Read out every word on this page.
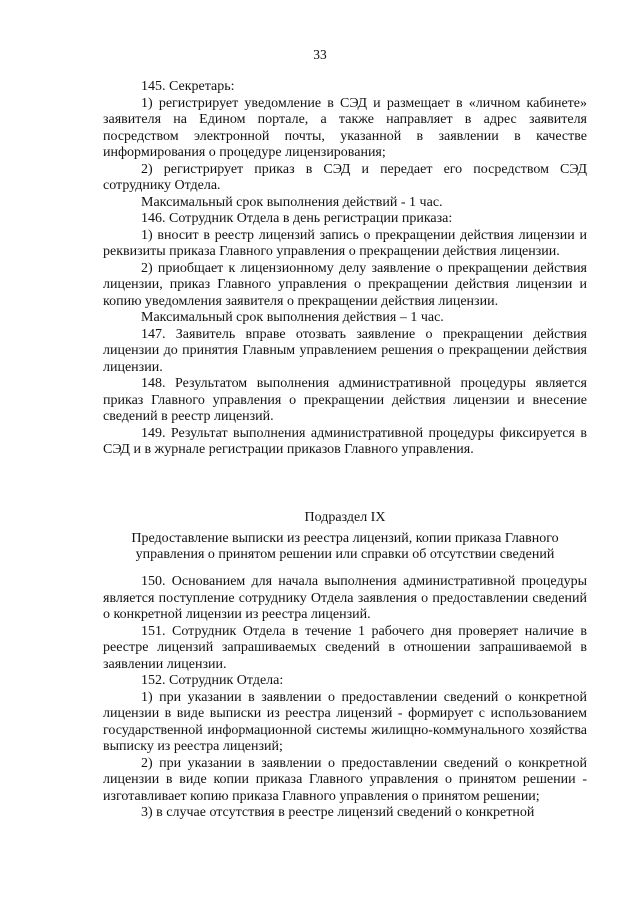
33

145. Секретарь:

1) регистрирует уведомление в СЭД и размещает в «личном кабинете» заявителя на Едином портале, а также направляет в адрес заявителя посредством электронной почты, указанной в заявлении в качестве информирования о процедуре лицензирования;

2) регистрирует приказ в СЭД и передает его посредством СЭД сотруднику Отдела.

Максимальный срок выполнения действий - 1 час.

146. Сотрудник Отдела в день регистрации приказа:

1) вносит в реестр лицензий запись о прекращении действия лицензии и реквизиты приказа Главного управления о прекращении действия лицензии.

2) приобщает к лицензионному делу заявление о прекращении действия лицензии, приказ Главного управления о прекращении действия лицензии и копию уведомления заявителя о прекращении действия лицензии.

Максимальный срок выполнения действия – 1 час.

147. Заявитель вправе отозвать заявление о прекращении действия лицензии до принятия Главным управлением решения о прекращении действия лицензии.

148. Результатом выполнения административной процедуры является приказ Главного управления о прекращении действия лицензии и внесение сведений в реестр лицензий.

149. Результат выполнения административной процедуры фиксируется в СЭД и в журнале регистрации приказов Главного управления.

Подраздел IX

Предоставление выписки из реестра лицензий, копии приказа Главного управления о принятом решении или справки об отсутствии сведений

150. Основанием для начала выполнения административной процедуры является поступление сотруднику Отдела заявления о предоставлении сведений о конкретной лицензии из реестра лицензий.

151. Сотрудник Отдела в течение 1 рабочего дня проверяет наличие в реестре лицензий запрашиваемых сведений в отношении запрашиваемой в заявлении лицензии.

152. Сотрудник Отдела:

1) при указании в заявлении о предоставлении сведений о конкретной лицензии в виде выписки из реестра лицензий - формирует с использованием государственной информационной системы жилищно-коммунального хозяйства выписку из реестра лицензий;

2) при указании в заявлении о предоставлении сведений о конкретной лицензии в виде копии приказа Главного управления о принятом решении - изготавливает копию приказа Главного управления о принятом решении;

3) в случае отсутствия в реестре лицензий сведений о конкретной
